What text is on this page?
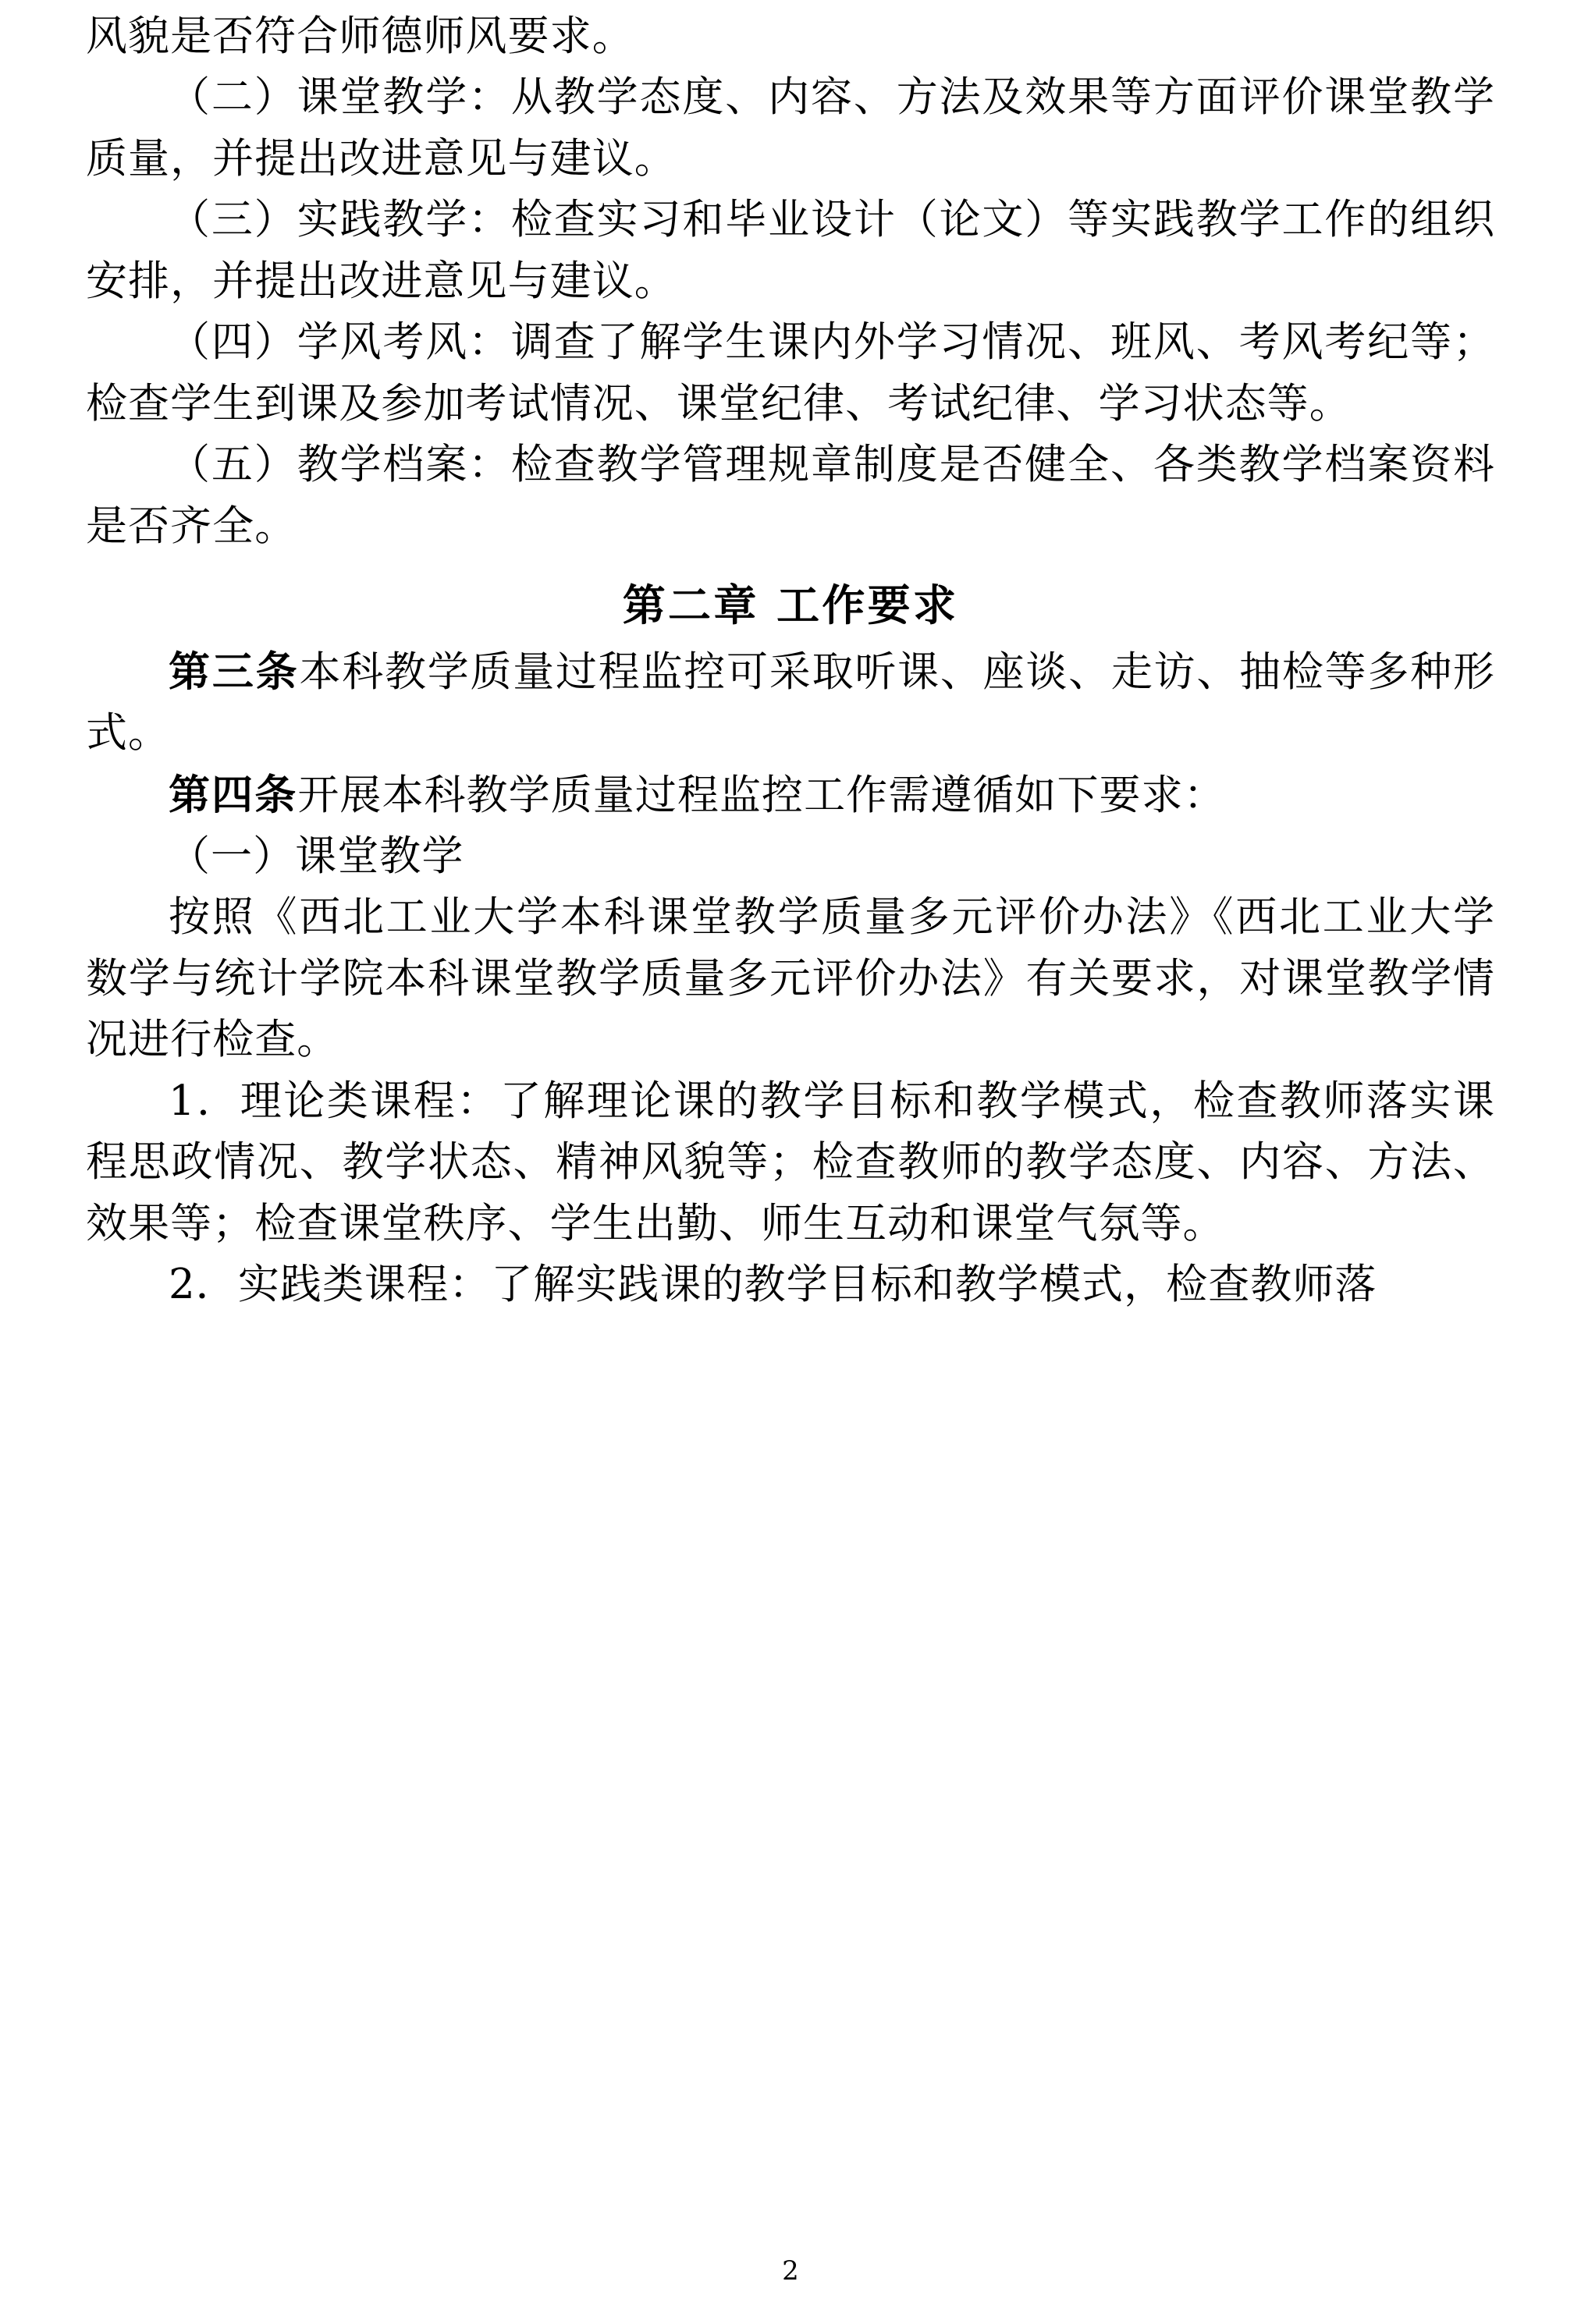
风貌是否符合师德师风要求。

（二）课堂教学：从教学态度、内容、方法及效果等方面评价课堂教学质量，并提出改进意见与建议。

（三）实践教学：检查实习和毕业设计（论文）等实践教学工作的组织安排，并提出改进意见与建议。

（四）学风考风：调查了解学生课内外学习情况、班风、考风考纪等；检查学生到课及参加考试情况、课堂纪律、考试纪律、学习状态等。

（五）教学档案：检查教学管理规章制度是否健全、各类教学档案资料是否齐全。

第二章 工作要求

第三条本科教学质量过程监控可采取听课、座谈、走访、抽检等多种形式。

第四条开展本科教学质量过程监控工作需遵循如下要求：

（一）课堂教学

按照《西北工业大学本科课堂教学质量多元评价办法》《西北工业大学数学与统计学院本科课堂教学质量多元评价办法》有关要求，对课堂教学情况进行检查。

1．理论类课程：了解理论课的教学目标和教学模式，检查教师落实课程思政情况、教学状态、精神风貌等；检查教师的教学态度、内容、方法、效果等；检查课堂秩序、学生出勤、师生互动和课堂气氛等。

2．实践类课程：了解实践课的教学目标和教学模式，检查教师落

2
